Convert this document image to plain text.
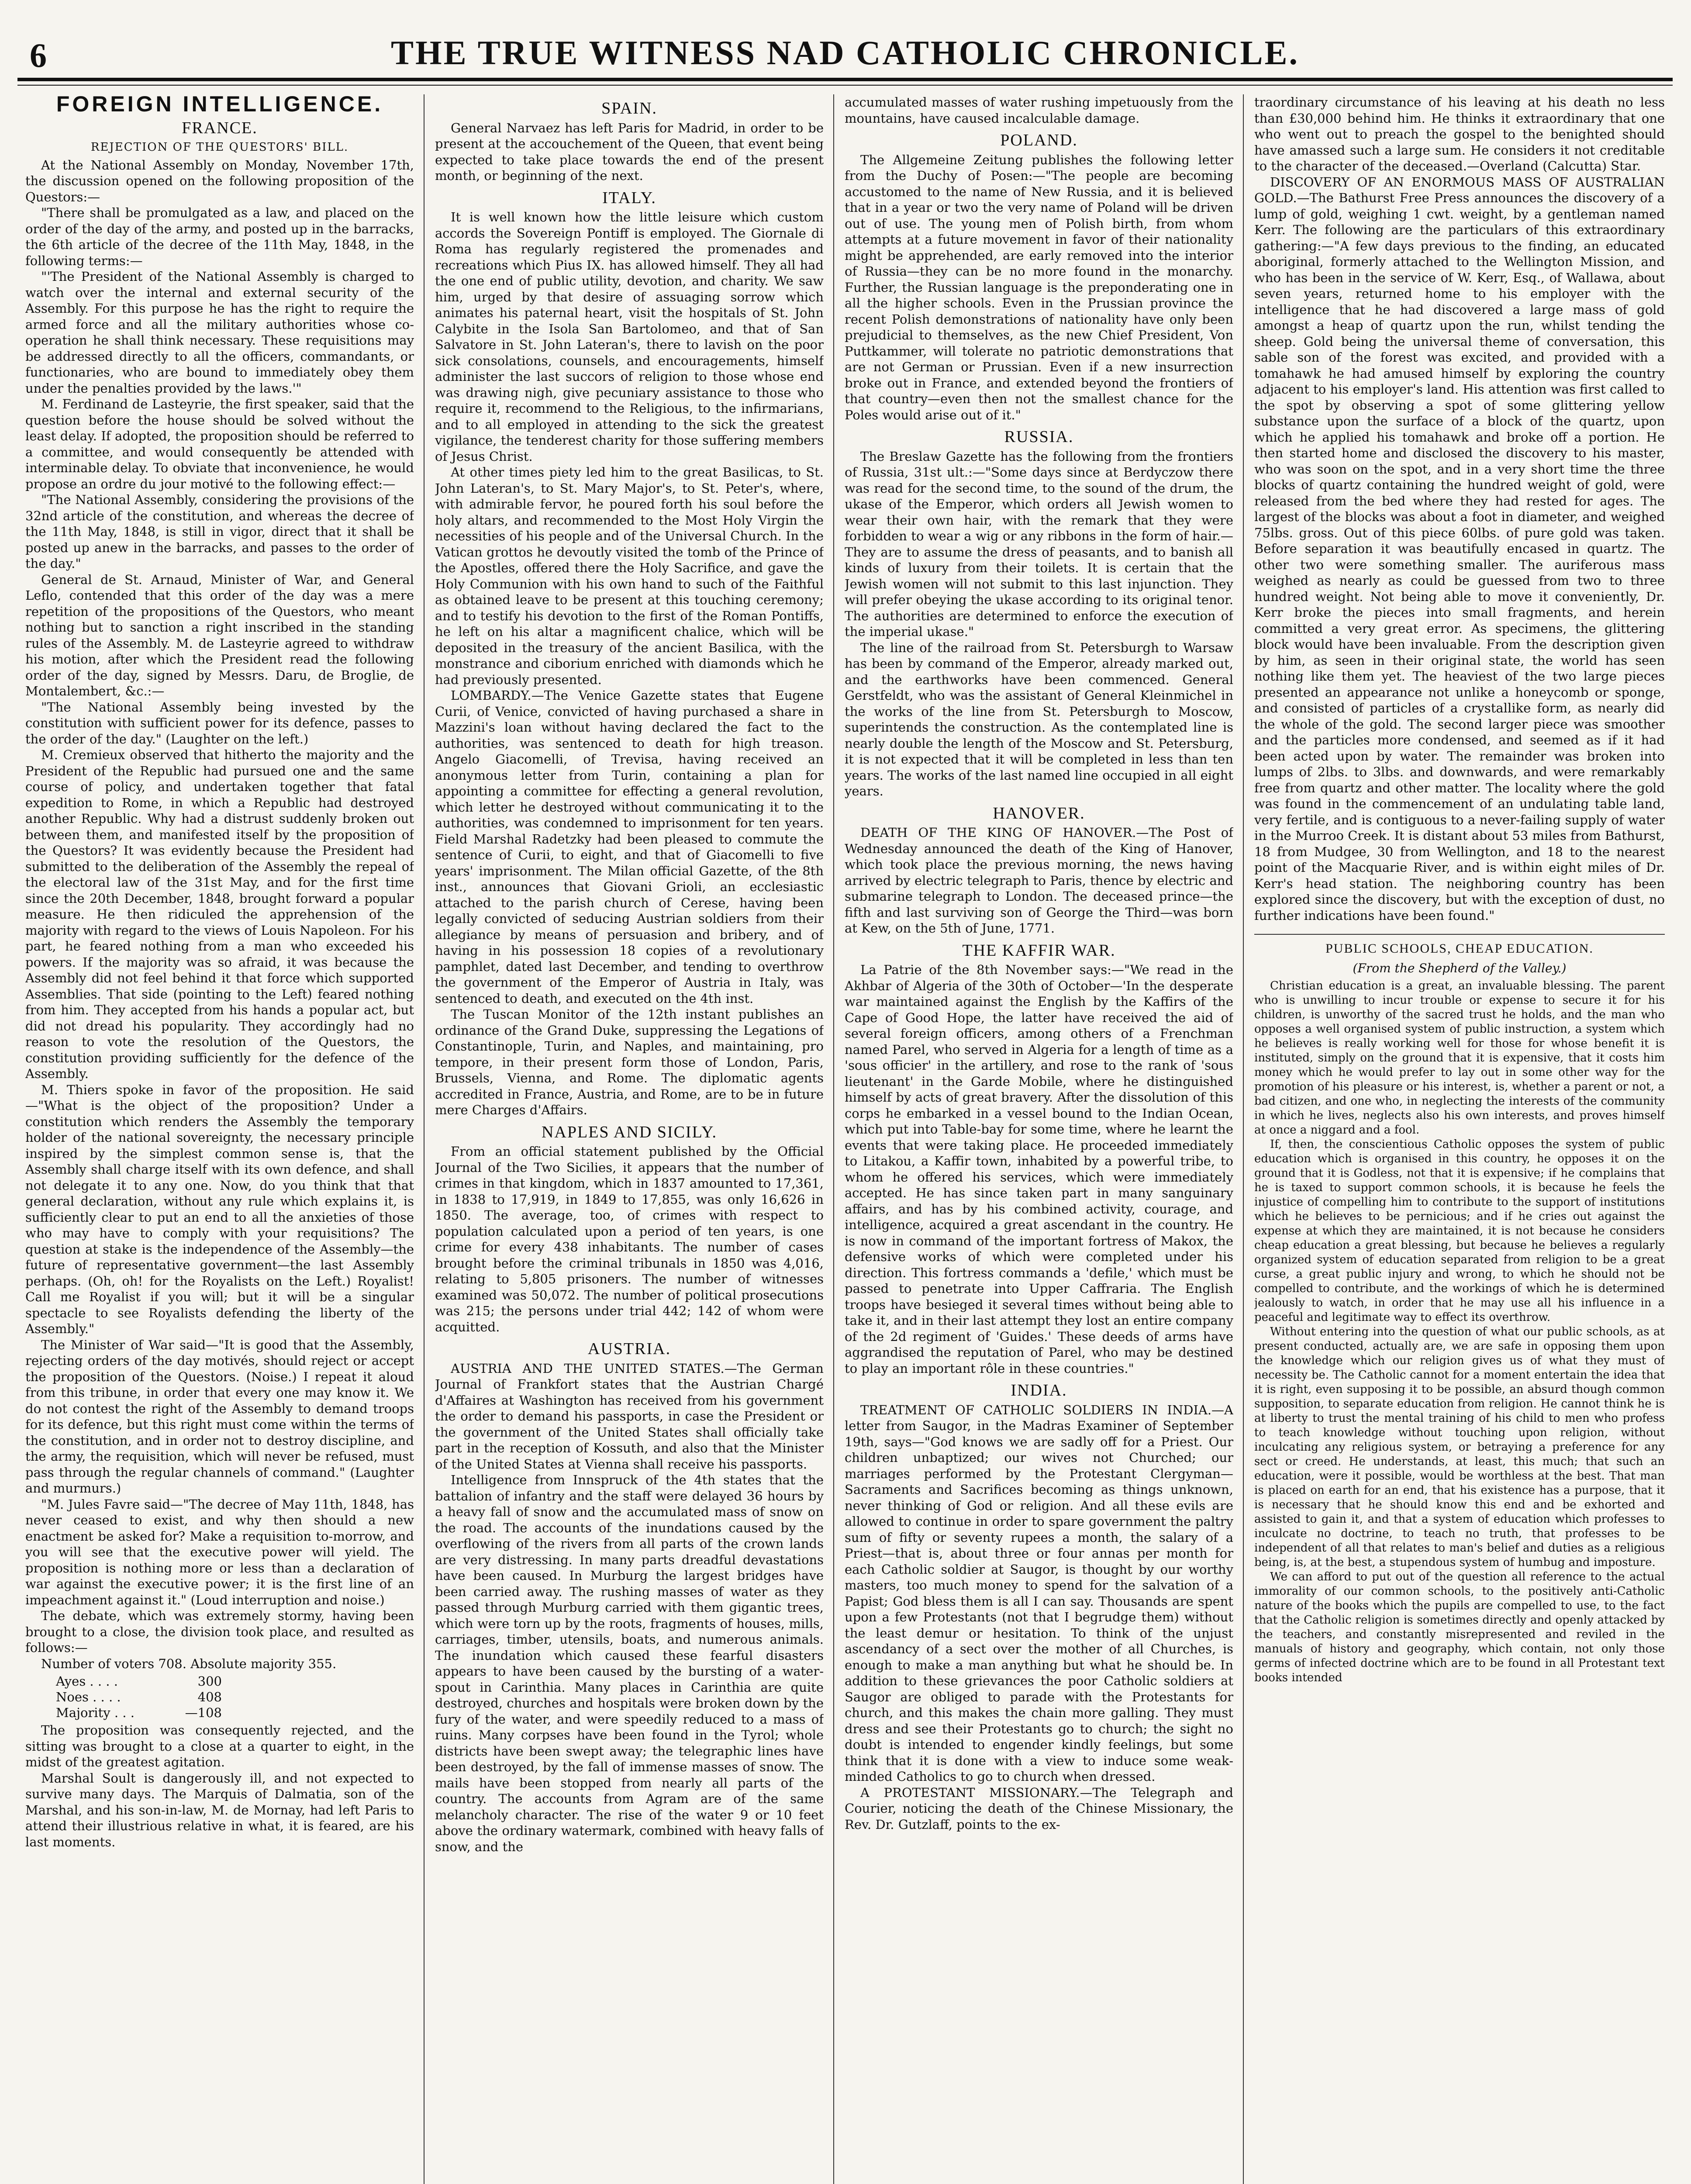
6	THE TRUE WITNESS NAD CATHOLIC CHRONICLE.
FOREIGN INTELLIGENCE.
FRANCE.
REJECTION OF THE QUESTORS' BILL.

At the National Assembly on Monday, November 17th, the discussion opened on the following proposition of the Questors:—

"There shall be promulgated as a law, and placed on the order of the day of the army, and posted up in the barracks, the 6th article of the decree of the 11th May, 1848, in the following terms:—

"'The President of the National Assembly is charged to watch over the internal and external security of the Assembly. For this purpose he has the right to require the armed force and all the military authorities whose co-operation he shall think necessary. These requisitions may be addressed directly to all the officers, commandants, or functionaries, who are bound to immediately obey them under the penalties provided by the laws.'"

M. Ferdinand de Lasteyrie, the first speaker, said that the question before the house should be solved without the least delay. If adopted, the proposition should be referred to a committee, and would consequently be attended with interminable delay. To obviate that inconvenience, he would propose an ordre du jour motivé to the following effect:—

"The National Assembly, considering the provisions of the 32nd article of the constitution, and whereas the decree of the 11th May, 1848, is still in vigor, direct that it shall be posted up anew in the barracks, and passes to the order of the day."

General de St. Arnaud, Minister of War, and General Leflo, contended that this order of the day was a mere repetition of the propositions of the Questors, who meant nothing but to sanction a right inscribed in the standing rules of the Assembly. M. de Lasteyrie agreed to withdraw his motion, after which the President read the following order of the day, signed by Messrs. Daru, de Broglie, de Montalembert, &c.:—

"The National Assembly being invested by the constitution with sufficient power for its defence, passes to the order of the day." (Laughter on the left.)

M. Cremieux observed that hitherto the majority and the President of the Republic had pursued one and the same course of policy, and undertaken together that fatal expedition to Rome, in which a Republic had destroyed another Republic. Why had a distrust suddenly broken out between them, and manifested itself by the proposition of the Questors? It was evidently because the President had submitted to the deliberation of the Assembly the repeal of the electoral law of the 31st May, and for the first time since the 20th December, 1848, brought forward a popular measure. He then ridiculed the apprehension of the majority with regard to the views of Louis Napoleon. For his part, he feared nothing from a man who exceeded his powers. If the majority was so afraid, it was because the Assembly did not feel behind it that force which supported Assemblies. That side (pointing to the Left) feared nothing from him. They accepted from his hands a popular act, but did not dread his popularity. They accordingly had no reason to vote the resolution of the Questors, the constitution providing sufficiently for the defence of the Assembly.

M. Thiers spoke in favor of the proposition. He said—"What is the object of the proposition? Under a constitution which renders the Assembly the temporary holder of the national sovereignty, the necessary principle inspired by the simplest common sense is, that the Assembly shall charge itself with its own defence, and shall not delegate it to any one. Now, do you think that that general declaration, without any rule which explains it, is sufficiently clear to put an end to all the anxieties of those who may have to comply with your requisitions? The question at stake is the independence of the Assembly—the future of representative government—the last Assembly perhaps. (Oh, oh! for the Royalists on the Left.) Royalist! Call me Royalist if you will; but it will be a singular spectacle to see Royalists defending the liberty of the Assembly."

The Minister of War said—"It is good that the Assembly, rejecting orders of the day motivés, should reject or accept the proposition of the Questors. (Noise.) I repeat it aloud from this tribune, in order that every one may know it. We do not contest the right of the Assembly to demand troops for its defence, but this right must come within the terms of the constitution, and in order not to destroy discipline, and the army, the requisition, which will never be refused, must pass through the regular channels of command." (Laughter and murmurs.)

"M. Jules Favre said—"The decree of May 11th, 1848, has never ceased to exist, and why then should a new enactment be asked for? Make a requisition to-morrow, and you will see that the executive power will yield. The proposition is nothing more or less than a declaration of war against the executive power; it is the first line of an impeachment against it." (Loud interruption and noise.)

The debate, which was extremely stormy, having been brought to a close, the division took place, and resulted as follows:—

Number of voters 708. Absolute majority 355.

Ayes . . . .	300
Noes . . . .	408
Majority . . .	—108

The proposition was consequently rejected, and the sitting was brought to a close at a quarter to eight, in the midst of the greatest agitation.

Marshal Soult is dangerously ill, and not expected to survive many days. The Marquis of Dalmatia, son of the Marshal, and his son-in-law, M. de Mornay, had left Paris to attend their illustrious relative in what, it is feared, are his last moments.

SPAIN.

General Narvaez has left Paris for Madrid, in order to be present at the accouchement of the Queen, that event being expected to take place towards the end of the present month, or beginning of the next.

ITALY.

It is well known how the little leisure which custom accords the Sovereign Pontiff is employed. The Giornale di Roma has regularly registered the promenades and recreations which Pius IX. has allowed himself. They all had the one end of public utility, devotion, and charity. We saw him, urged by that desire of assuaging sorrow which animates his paternal heart, visit the hospitals of St. John Calybite in the Isola San Bartolomeo, and that of San Salvatore in St. John Lateran's, there to lavish on the poor sick consolations, counsels, and encouragements, himself administer the last succors of religion to those whose end was drawing nigh, give pecuniary assistance to those who require it, recommend to the Religious, to the infirmarians, and to all employed in attending to the sick the greatest vigilance, the tenderest charity for those suffering members of Jesus Christ.

At other times piety led him to the great Basilicas, to St. John Lateran's, to St. Mary Major's, to St. Peter's, where, with admirable fervor, he poured forth his soul before the holy altars, and recommended to the Most Holy Virgin the necessities of his people and of the Universal Church. In the Vatican grottos he devoutly visited the tomb of the Prince of the Apostles, offered there the Holy Sacrifice, and gave the Holy Communion with his own hand to such of the Faithful as obtained leave to be present at this touching ceremony; and to testify his devotion to the first of the Roman Pontiffs, he left on his altar a magnificent chalice, which will be deposited in the treasury of the ancient Basilica, with the monstrance and ciborium enriched with diamonds which he had previously presented.

LOMBARDY.—The Venice Gazette states that Eugene Curii, of Venice, convicted of having purchased a share in Mazzini's loan without having declared the fact to the authorities, was sentenced to death for high treason. Angelo Giacomelli, of Trevisa, having received an anonymous letter from Turin, containing a plan for appointing a committee for effecting a general revolution, which letter he destroyed without communicating it to the authorities, was condemned to imprisonment for ten years. Field Marshal Radetzky had been pleased to commute the sentence of Curii, to eight, and that of Giacomelli to five years' imprisonment. The Milan official Gazette, of the 8th inst., announces that Giovani Grioli, an ecclesiastic attached to the parish church of Cerese, having been legally convicted of seducing Austrian soldiers from their allegiance by means of persuasion and bribery, and of having in his possession 18 copies of a revolutionary pamphlet, dated last December, and tending to overthrow the government of the Emperor of Austria in Italy, was sentenced to death, and executed on the 4th inst.

The Tuscan Monitor of the 12th instant publishes an ordinance of the Grand Duke, suppressing the Legations of Constantinople, Turin, and Naples, and maintaining, pro tempore, in their present form those of London, Paris, Brussels, Vienna, and Rome. The diplomatic agents accredited in France, Austria, and Rome, are to be in future mere Charges d'Affairs.

NAPLES AND SICILY.

From an official statement published by the Official Journal of the Two Sicilies, it appears that the number of crimes in that kingdom, which in 1837 amounted to 17,361, in 1838 to 17,919, in 1849 to 17,855, was only 16,626 in 1850. The average, too, of crimes with respect to population calculated upon a period of ten years, is one crime for every 438 inhabitants. The number of cases brought before the criminal tribunals in 1850 was 4,016, relating to 5,805 prisoners. The number of witnesses examined was 50,072. The number of political prosecutions was 215; the persons under trial 442; 142 of whom were acquitted.

AUSTRIA.

AUSTRIA AND THE UNITED STATES.—The German Journal of Frankfort states that the Austrian Chargé d'Affaires at Washington has received from his government the order to demand his passports, in case the President or the government of the United States shall officially take part in the reception of Kossuth, and also that the Minister of the United States at Vienna shall receive his passports.

Intelligence from Innspruck of the 4th states that the battalion of infantry and the staff were delayed 36 hours by a heavy fall of snow and the accumulated mass of snow on the road. The accounts of the inundations caused by the overflowing of the rivers from all parts of the crown lands are very distressing. In many parts dreadful devastations have been caused. In Murburg the largest bridges have been carried away. The rushing masses of water as they passed through Murburg carried with them gigantic trees, which were torn up by the roots, fragments of houses, mills, carriages, timber, utensils, boats, and numerous animals. The inundation which caused these fearful disasters appears to have been caused by the bursting of a water-spout in Carinthia. Many places in Carinthia are quite destroyed, churches and hospitals were broken down by the fury of the water, and were speedily reduced to a mass of ruins. Many corpses have been found in the Tyrol; whole districts have been swept away; the telegraphic lines have been destroyed, by the fall of immense masses of snow. The mails have been stopped from nearly all parts of the country. The accounts from Agram are of the same melancholy character. The rise of the water 9 or 10 feet above the ordinary watermark, combined with heavy falls of snow, and the

accumulated masses of water rushing impetuously from the mountains, have caused incalculable damage.

POLAND.

The Allgemeine Zeitung publishes the following letter from the Duchy of Posen:—"The people are becoming accustomed to the name of New Russia, and it is believed that in a year or two the very name of Poland will be driven out of use. The young men of Polish birth, from whom attempts at a future movement in favor of their nationality might be apprehended, are early removed into the interior of Russia—they can be no more found in the monarchy. Further, the Russian language is the preponderating one in all the higher schools. Even in the Prussian province the recent Polish demonstrations of nationality have only been prejudicial to themselves, as the new Chief President, Von Puttkammer, will tolerate no patriotic demonstrations that are not German or Prussian. Even if a new insurrection broke out in France, and extended beyond the frontiers of that country—even then not the smallest chance for the Poles would arise out of it."

RUSSIA.

The Breslaw Gazette has the following from the frontiers of Russia, 31st ult.:—"Some days since at Berdyczow there was read for the second time, to the sound of the drum, the ukase of the Emperor, which orders all Jewish women to wear their own hair, with the remark that they were forbidden to wear a wig or any ribbons in the form of hair.—They are to assume the dress of peasants, and to banish all kinds of luxury from their toilets. It is certain that the Jewish women will not submit to this last injunction. They will prefer obeying the ukase according to its original tenor. The authorities are determined to enforce the execution of the imperial ukase."

The line of the railroad from St. Petersburgh to Warsaw has been by command of the Emperor, already marked out, and the earthworks have been commenced. General Gerstfeldt, who was the assistant of General Kleinmichel in the works of the line from St. Petersburgh to Moscow, superintends the construction. As the contemplated line is nearly double the length of the Moscow and St. Petersburg, it is not expected that it will be completed in less than ten years. The works of the last named line occupied in all eight years.

HANOVER.

DEATH OF THE KING OF HANOVER.—The Post of Wednesday announced the death of the King of Hanover, which took place the previous morning, the news having arrived by electric telegraph to Paris, thence by electric and submarine telegraph to London. The deceased prince—the fifth and last surviving son of George the Third—was born at Kew, on the 5th of June, 1771.

THE KAFFIR WAR.

La Patrie of the 8th November says:—"We read in the Akhbar of Algeria of the 30th of October—'In the desperate war maintained against the English by the Kaffirs of the Cape of Good Hope, the latter have received the aid of several foreign officers, among others of a Frenchman named Parel, who served in Algeria for a length of time as a 'sous officier' in the artillery, and rose to the rank of 'sous lieutenant' in the Garde Mobile, where he distinguished himself by acts of great bravery. After the dissolution of this corps he embarked in a vessel bound to the Indian Ocean, which put into Table-bay for some time, where he learnt the events that were taking place. He proceeded immediately to Litakou, a Kaffir town, inhabited by a powerful tribe, to whom he offered his services, which were immediately accepted. He has since taken part in many sanguinary affairs, and has by his combined activity, courage, and intelligence, acquired a great ascendant in the country. He is now in command of the important fortress of Makox, the defensive works of which were completed under his direction. This fortress commands a 'defile,' which must be passed to penetrate into Upper Caffraria. The English troops have besieged it several times without being able to take it, and in their last attempt they lost an entire company of the 2d regiment of 'Guides.' These deeds of arms have aggrandised the reputation of Parel, who may be destined to play an important rôle in these countries."

INDIA.

TREATMENT OF CATHOLIC SOLDIERS IN INDIA.—A letter from Saugor, in the Madras Examiner of September 19th, says—"God knows we are sadly off for a Priest. Our children unbaptized; our wives not Churched; our marriages performed by the Protestant Clergyman—Sacraments and Sacrifices becoming as things unknown, never thinking of God or religion. And all these evils are allowed to continue in order to spare government the paltry sum of fifty or seventy rupees a month, the salary of a Priest—that is, about three or four annas per month for each Catholic soldier at Saugor, is thought by our worthy masters, too much money to spend for the salvation of a Papist; God bless them is all I can say. Thousands are spent upon a few Protestants (not that I begrudge them) without the least demur or hesitation. To think of the unjust ascendancy of a sect over the mother of all Churches, is enough to make a man anything but what he should be. In addition to these grievances the poor Catholic soldiers at Saugor are obliged to parade with the Protestants for church, and this makes the chain more galling. They must dress and see their Protestants go to church; the sight no doubt is intended to engender kindly feelings, but some think that it is done with a view to induce some weak-minded Catholics to go to church when dressed.

A PROTESTANT MISSIONARY.—The Telegraph and Courier, noticing the death of the Chinese Missionary, the Rev. Dr. Gutzlaff, points to the ex-

traordinary circumstance of his leaving at his death no less than £30,000 behind him. He thinks it extraordinary that one who went out to preach the gospel to the benighted should have amassed such a large sum. He considers it not creditable to the character of the deceased.—Overland (Calcutta) Star.

DISCOVERY OF AN ENORMOUS MASS OF AUSTRALIAN GOLD.—The Bathurst Free Press announces the discovery of a lump of gold, weighing 1 cwt. weight, by a gentleman named Kerr. The following are the particulars of this extraordinary gathering:—"A few days previous to the finding, an educated aboriginal, formerly attached to the Wellington Mission, and who has been in the service of W. Kerr, Esq., of Wallawa, about seven years, returned home to his employer with the intelligence that he had discovered a large mass of gold amongst a heap of quartz upon the run, whilst tending the sheep. Gold being the universal theme of conversation, this sable son of the forest was excited, and provided with a tomahawk he had amused himself by exploring the country adjacent to his employer's land. His attention was first called to the spot by observing a spot of some glittering yellow substance upon the surface of a block of the quartz, upon which he applied his tomahawk and broke off a portion. He then started home and disclosed the discovery to his master, who was soon on the spot, and in a very short time the three blocks of quartz containing the hundred weight of gold, were released from the bed where they had rested for ages. The largest of the blocks was about a foot in diameter, and weighed 75lbs. gross. Out of this piece 60lbs. of pure gold was taken. Before separation it was beautifully encased in quartz. The other two were something smaller. The auriferous mass weighed as nearly as could be guessed from two to three hundred weight. Not being able to move it conveniently, Dr. Kerr broke the pieces into small fragments, and herein committed a very great error. As specimens, the glittering block would have been invaluable. From the description given by him, as seen in their original state, the world has seen nothing like them yet. The heaviest of the two large pieces presented an appearance not unlike a honeycomb or sponge, and consisted of particles of a crystallike form, as nearly did the whole of the gold. The second larger piece was smoother and the particles more condensed, and seemed as if it had been acted upon by water. The remainder was broken into lumps of 2lbs. to 3lbs. and downwards, and were remarkably free from quartz and other matter. The locality where the gold was found in the commencement of an undulating table land, very fertile, and is contiguous to a never-failing supply of water in the Murroo Creek. It is distant about 53 miles from Bathurst, 18 from Mudgee, 30 from Wellington, and 18 to the nearest point of the Macquarie River, and is within eight miles of Dr. Kerr's head station. The neighboring country has been explored since the discovery, but with the exception of dust, no further indications have been found."

PUBLIC SCHOOLS, CHEAP EDUCATION.
(From the Shepherd of the Valley.)

Christian education is a great, an invaluable blessing. The parent who is unwilling to incur trouble or expense to secure it for his children, is unworthy of the sacred trust he holds, and the man who opposes a well organised system of public instruction, a system which he believes is really working well for those for whose benefit it is instituted, simply on the ground that it is expensive, that it costs him money which he would prefer to lay out in some other way for the promotion of his pleasure or his interest, is, whether a parent or not, a bad citizen, and one who, in neglecting the interests of the community in which he lives, neglects also his own interests, and proves himself at once a niggard and a fool.

If, then, the conscientious Catholic opposes the system of public education which is organised in this country, he opposes it on the ground that it is Godless, not that it is expensive; if he complains that he is taxed to support common schools, it is because he feels the injustice of compelling him to contribute to the support of institutions which he believes to be pernicious; and if he cries out against the expense at which they are maintained, it is not because he considers cheap education a great blessing, but because he believes a regularly organized system of education separated from religion to be a great curse, a great public injury and wrong, to which he should not be compelled to contribute, and the workings of which he is determined jealously to watch, in order that he may use all his influence in a peaceful and legitimate way to effect its overthrow.

Without entering into the question of what our public schools, as at present conducted, actually are, we are safe in opposing them upon the knowledge which our religion gives us of what they must of necessity be. The Catholic cannot for a moment entertain the idea that it is right, even supposing it to be possible, an absurd though common supposition, to separate education from religion. He cannot think he is at liberty to trust the mental training of his child to men who profess to teach knowledge without touching upon religion, without inculcating any religious system, or betraying a preference for any sect or creed. He understands, at least, this much; that such an education, were it possible, would be worthless at the best. That man is placed on earth for an end, that his existence has a purpose, that it is necessary that he should know this end and be exhorted and assisted to gain it, and that a system of education which professes to inculcate no doctrine, to teach no truth, that professes to be independent of all that relates to man's belief and duties as a religious being, is, at the best, a stupendous system of humbug and imposture.

We can afford to put out of the question all reference to the actual immorality of our common schools, to the positively anti-Catholic nature of the books which the pupils are compelled to use, to the fact that the Catholic religion is sometimes directly and openly attacked by the teachers, and constantly misrepresented and reviled in the manuals of history and geography, which contain, not only those germs of infected doctrine which are to be found in all Protestant text books intended
